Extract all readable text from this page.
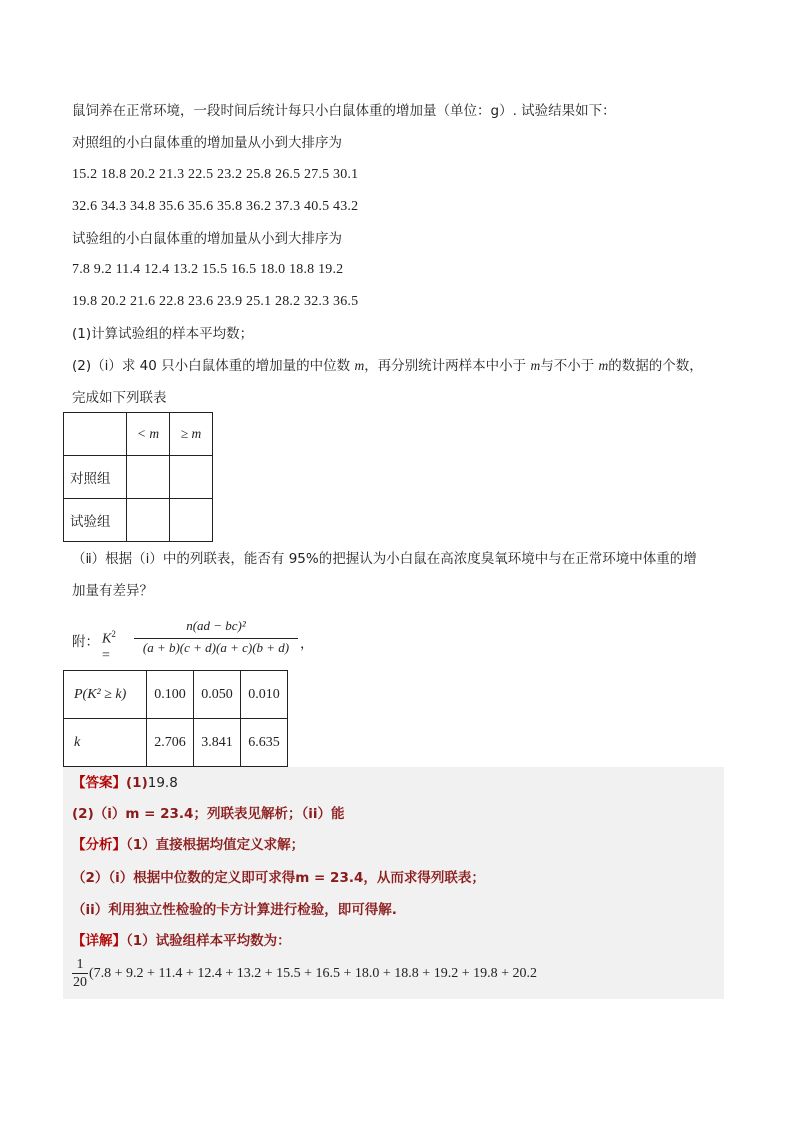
鼠饲养在正常环境，一段时间后统计每只小白鼠体重的增加量（单位：g）. 试验结果如下：
对照组的小白鼠体重的增加量从小到大排序为
15.2 18.8 20.2 21.3 22.5 23.2 25.8 26.5 27.5 30.1
32.6 34.3 34.8 35.6 35.6 35.8 36.2 37.3 40.5 43.2
试验组的小白鼠体重的增加量从小到大排序为
7.8 9.2 11.4 12.4 13.2 15.5 16.5 18.0 18.8 19.2
19.8 20.2 21.6 22.8 23.6 23.9 25.1 28.2 32.3 36.5
(1)计算试验组的样本平均数；
(2)（ⅰ）求 40 只小白鼠体重的增加量的中位数 m，再分别统计两样本中小于 m与不小于 m的数据的个数，
完成如下列联表
	< m	≥ m
对照组		
试验组		
（ⅱ）根据（ⅰ）中的列联表，能否有 95%的把握认为小白鼠在高浓度臭氧环境中与在正常环境中体重的增
加量有差异？
附： $K^2$ =
n(ad − bc)²
(a + b)(c + d)(a + c)(b + d) ，
P(K² ≥ k)	0.100	0.050	0.010
k	2.706	3.841	6.635
【答案】(1)19.8
(2)（i）m = 23.4；列联表见解析；（ii）能
【分析】（1）直接根据均值定义求解；
（2）（i）根据中位数的定义即可求得m = 23.4，从而求得列联表；
（ii）利用独立性检验的卡方计算进行检验，即可得解.
【详解】（1）试验组样本平均数为：
1
20
(7.8 + 9.2 + 11.4 + 12.4 + 13.2 + 15.5 + 16.5 + 18.0 + 18.8 + 19.2 + 19.8 + 20.2
